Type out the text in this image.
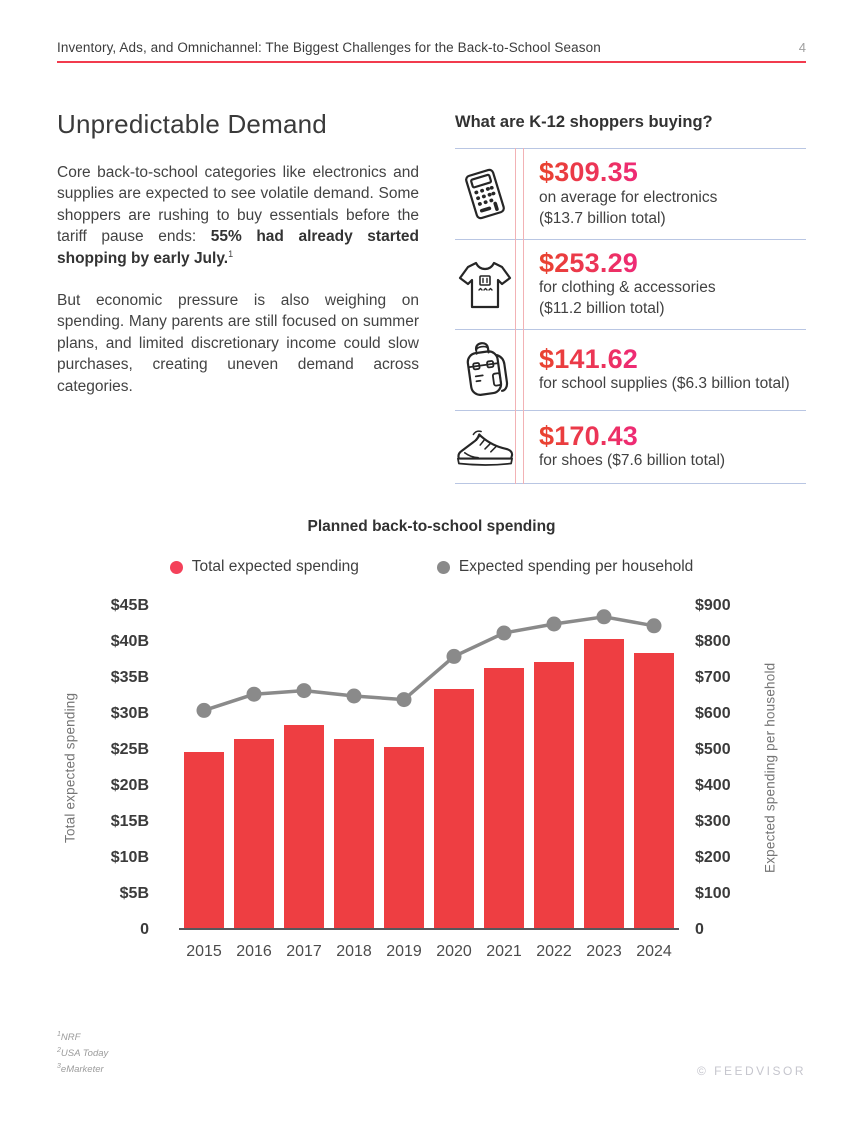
Inventory, Ads, and Omnichannel: The Biggest Challenges for the Back-to-School Season	4
Unpredictable Demand

Core back-to-school categories like electronics and supplies are expected to see volatile demand. Some shoppers are rushing to buy essentials before the tariff pause ends: 55% had already started shopping by early July.$^1$

But economic pressure is also weighing on spending. Many parents are still focused on summer plans, and limited discretionary income could slow purchases, creating uneven demand across categories.

What are K-12 shoppers buying?
$309.35
on average for electronics
($13.7 billion total)
$253.29
for clothing & accessories
($11.2 billion total)
$141.62
for school supplies ($6.3 billion total)
$170.43
for shoes ($7.6 billion total)
Planned back-to-school spending
Total expected spending	Expected spending per household
Total expected spending
$45B
$40B
$35B
$30B
$25B
$20B
$15B
$10B
$5B
0
2015 2016 2017 2018 2019 2020 2021 2022 2023 2024
$900
$800
$700
$600
$500
$400
$300
$200
$100
0
Expected spending per household
$^1$NRF
$^2$USA Today
$^3$eMarketer	© FEEDVISOR
